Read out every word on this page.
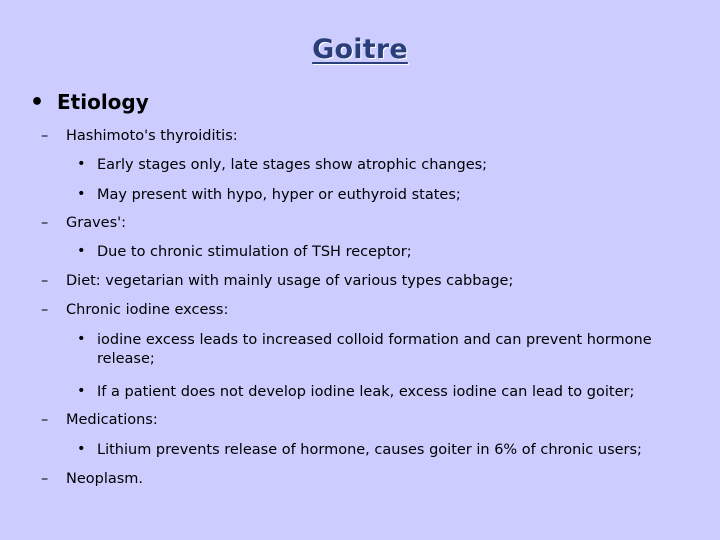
Goitre
• Etiology
–	Hashimoto's thyroiditis:
• Early stages only, late stages show atrophic changes;
• May present with hypo, hyper or euthyroid states;
–	Graves':
• Due to chronic stimulation of TSH receptor;
–	Diet: vegetarian with mainly usage of various types cabbage;
–	Chronic iodine excess:
• iodine excess leads to increased colloid formation and can prevent hormone release;
• If a patient does not develop iodine leak, excess iodine can lead to goiter;
–	Medications:
• Lithium prevents release of hormone, causes goiter in 6% of chronic users;
–	Neoplasm.
